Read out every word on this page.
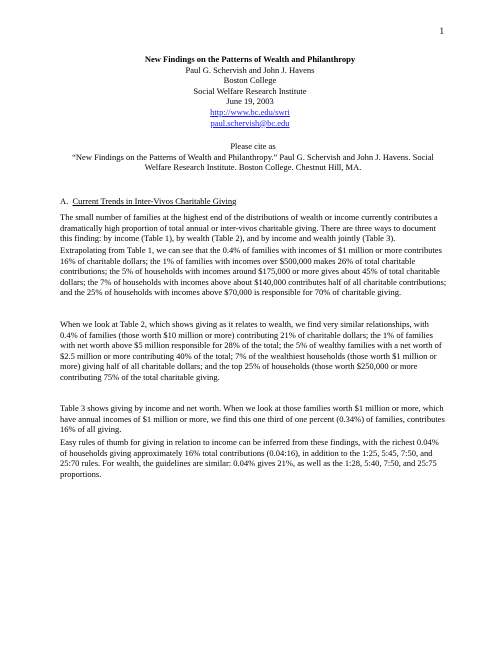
1
New Findings on the Patterns of Wealth and Philanthropy
Paul G. Schervish and John J. Havens
Boston College
Social Welfare Research Institute
June 19, 2003
http://www.bc.edu/swri
paul.schervish@bc.edu
Please cite as
“New Findings on the Patterns of Wealth and Philanthropy.” Paul G. Schervish and John J. Havens. Social Welfare Research Institute. Boston College. Chestnut Hill, MA.
A. Current Trends in Inter-Vivos Charitable Giving

The small number of families at the highest end of the distributions of wealth or income currently contributes a dramatically high proportion of total annual or inter-vivos charitable giving. There are three ways to document this finding: by income (Table 1), by wealth (Table 2), and by income and wealth jointly (Table 3).

Extrapolating from Table 1, we can see that the 0.4% of families with incomes of $1 million or more contributes 16% of charitable dollars; the 1% of families with incomes over $500,000 makes 26% of total charitable contributions; the 5% of households with incomes around $175,000 or more gives about 45% of total charitable dollars; the 7% of households with incomes above about $140,000 contributes half of all charitable contributions; and the 25% of households with incomes above $70,000 is responsible for 70% of charitable giving.

When we look at Table 2, which shows giving as it relates to wealth, we find very similar relationships, with 0.4% of families (those worth $10 million or more) contributing 21% of charitable dollars; the 1% of families with net worth above $5 million responsible for 28% of the total; the 5% of wealthy families with a net worth of $2.5 million or more contributing 40% of the total; 7% of the wealthiest households (those worth $1 million or more) giving half of all charitable dollars; and the top 25% of households (those worth $250,000 or more contributing 75% of the total charitable giving.

Table 3 shows giving by income and net worth. When we look at those families worth $1 million or more, which have annual incomes of $1 million or more, we find this one third of one percent (0.34%) of families, contributes 16% of all giving.

Easy rules of thumb for giving in relation to income can be inferred from these findings, with the richest 0.04% of households giving approximately 16% total contributions (0.04:16), in addition to the 1:25, 5:45, 7:50, and 25:70 rules. For wealth, the guidelines are similar: 0.04% gives 21%, as well as the 1:28, 5:40, 7:50, and 25:75 proportions.
